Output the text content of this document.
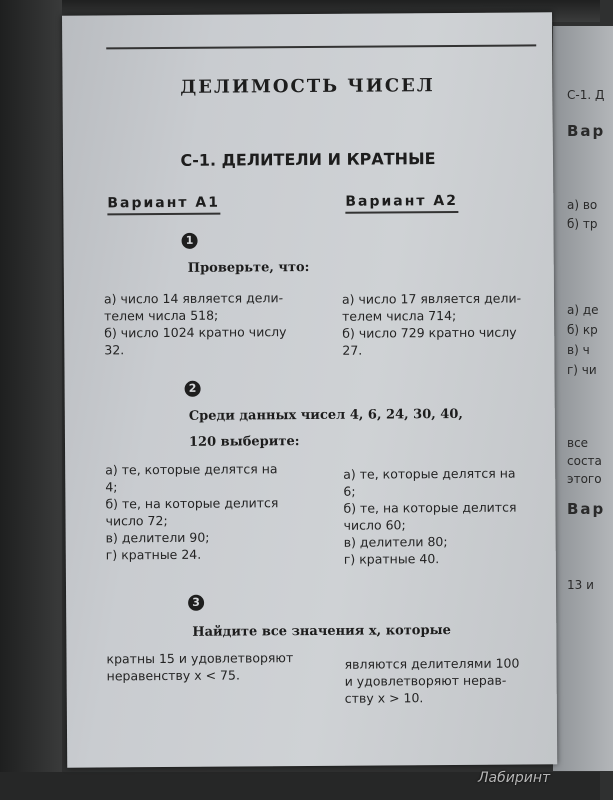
С-1. Д
Вар
а) во
б) тр
а) де
б) кр
в) ч
г) чи
все
соста
этого
Вар
13 и
ДЕЛИМОСТЬ ЧИСЕЛ
С-1. ДЕЛИТЕЛИ И КРАТНЫЕ
Вариант А1	Вариант А2
1
Проверьте, что:
а) число 14 является дели-
телем числа 518;
б) число 1024 кратно числу
32.
а) число 17 является дели-
телем числа 714;
б) число 729 кратно числу
27.
2
Среди данных чисел 4, 6, 24, 30, 40,
120 выберите:
а) те, которые делятся на
4;
б) те, на которые делится
число 72;
в) делители 90;
г) кратные 24.
а) те, которые делятся на
6;
б) те, на которые делится
число 60;
в) делители 80;
г) кратные 40.
3
Найдите все значения x, которые
кратны 15 и удовлетворяют
неравенству x < 75.
являются делителями 100
и удовлетворяют нерав-
ству x > 10.
Лабиринт
